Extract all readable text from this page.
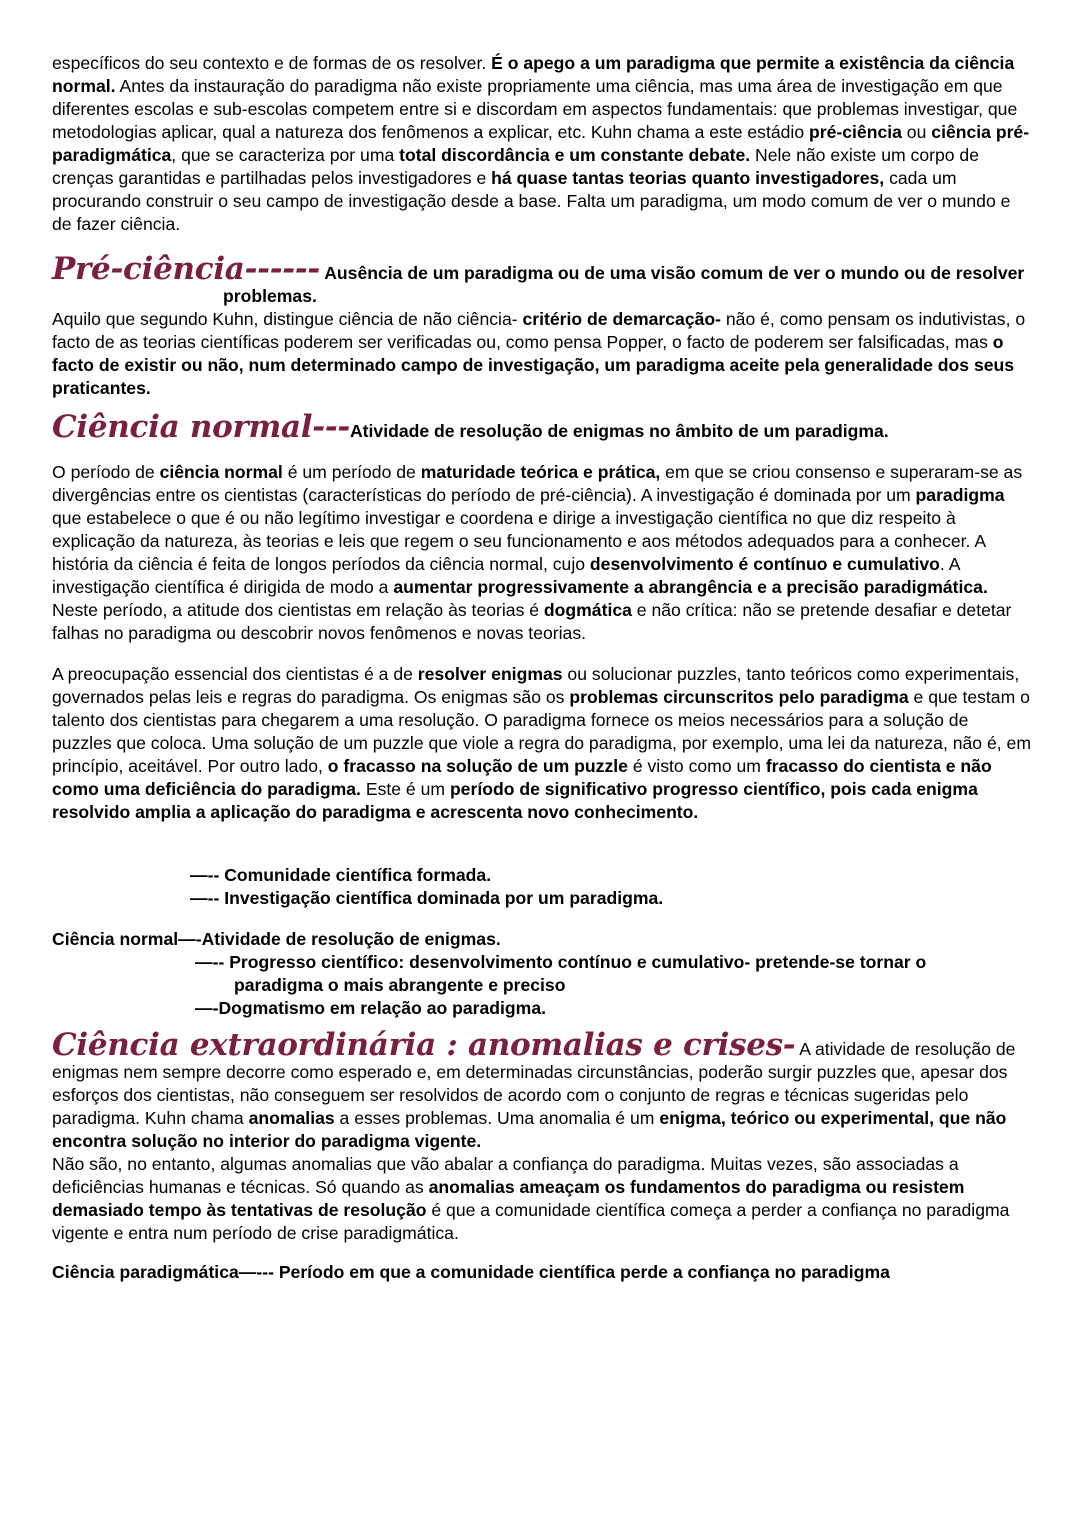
específicos do seu contexto e de formas de os resolver. É o apego a um paradigma que permite a existência da ciência normal. Antes da instauração do paradigma não existe propriamente uma ciência, mas uma área de investigação em que diferentes escolas e sub-escolas competem entre si e discordam em aspectos fundamentais: que problemas investigar, que metodologias aplicar, qual a natureza dos fenômenos a explicar, etc. Kuhn chama a este estádio pré-ciência ou ciência pré-paradigmática, que se caracteriza por uma total discordância e um constante debate. Nele não existe um corpo de crenças garantidas e partilhadas pelos investigadores e há quase tantas teorias quanto investigadores, cada um procurando construir o seu campo de investigação desde a base. Falta um paradigma, um modo comum de ver o mundo e de fazer ciência.

Pré-ciência------ Ausência de um paradigma ou de uma visão comum de ver o mundo ou de resolver

problemas.

Aquilo que segundo Kuhn, distingue ciência de não ciência- critério de demarcação- não é, como pensam os indutivistas, o facto de as teorias científicas poderem ser verificadas ou, como pensa Popper, o facto de poderem ser falsificadas, mas o facto de existir ou não, num determinado campo de investigação, um paradigma aceite pela generalidade dos seus praticantes.

Ciência normal---Atividade de resolução de enigmas no âmbito de um paradigma.

O período de ciência normal é um período de maturidade teórica e prática, em que se criou consenso e superaram-se as divergências entre os cientistas (características do período de pré-ciência). A investigação é dominada por um paradigma que estabelece o que é ou não legítimo investigar e coordena e dirige a investigação científica no que diz respeito à explicação da natureza, às teorias e leis que regem o seu funcionamento e aos métodos adequados para a conhecer. A história da ciência é feita de longos períodos da ciência normal, cujo desenvolvimento é contínuo e cumulativo. A investigação científica é dirigida de modo a aumentar progressivamente a abrangência e a precisão paradigmática. Neste período, a atitude dos cientistas em relação às teorias é dogmática e não crítica: não se pretende desafiar e detetar falhas no paradigma ou descobrir novos fenômenos e novas teorias.

A preocupação essencial dos cientistas é a de resolver enigmas ou solucionar puzzles, tanto teóricos como experimentais, governados pelas leis e regras do paradigma. Os enigmas são os problemas circunscritos pelo paradigma e que testam o talento dos cientistas para chegarem a uma resolução. O paradigma fornece os meios necessários para a solução de puzzles que coloca. Uma solução de um puzzle que viole a regra do paradigma, por exemplo, uma lei da natureza, não é, em princípio, aceitável. Por outro lado, o fracasso na solução de um puzzle é visto como um fracasso do cientista e não como uma deficiência do paradigma. Este é um período de significativo progresso científico, pois cada enigma resolvido amplia a aplicação do paradigma e acrescenta novo conhecimento.

—-- Comunidade científica formada.

—-- Investigação científica dominada por um paradigma.

Ciência normal—-Atividade de resolução de enigmas.

—-- Progresso científico: desenvolvimento contínuo e cumulativo- pretende-se tornar o

paradigma o mais abrangente e preciso

—-Dogmatismo em relação ao paradigma.

Ciência extraordinária : anomalias e crises- A atividade de resolução de enigmas nem sempre decorre como esperado e, em determinadas circunstâncias, poderão surgir puzzles que, apesar dos esforços dos cientistas, não conseguem ser resolvidos de acordo com o conjunto de regras e técnicas sugeridas pelo paradigma. Kuhn chama anomalias a esses problemas. Uma anomalia é um enigma, teórico ou experimental, que não encontra solução no interior do paradigma vigente.

Não são, no entanto, algumas anomalias que vão abalar a confiança do paradigma. Muitas vezes, são associadas a deficiências humanas e técnicas. Só quando as anomalias ameaçam os fundamentos do paradigma ou resistem demasiado tempo às tentativas de resolução é que a comunidade científica começa a perder a confiança no paradigma vigente e entra num período de crise paradigmática.

Ciência paradigmática—--- Período em que a comunidade científica perde a confiança no paradigma
